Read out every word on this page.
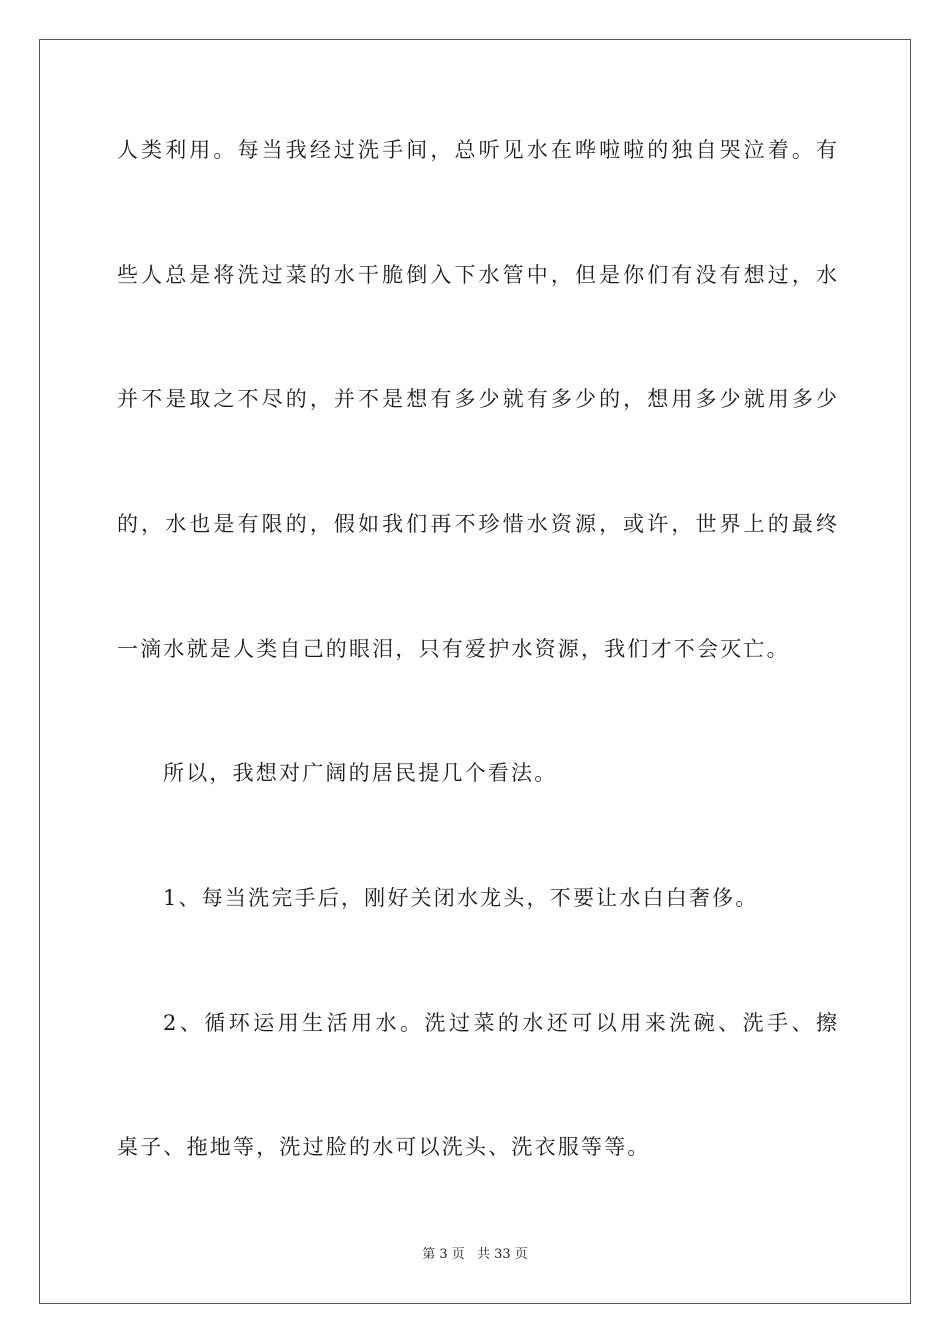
人类利用。每当我经过洗手间，总听见水在哗啦啦的独自哭泣着。有
些人总是将洗过菜的水干脆倒入下水管中，但是你们有没有想过，水
并不是取之不尽的，并不是想有多少就有多少的，想用多少就用多少
的，水也是有限的，假如我们再不珍惜水资源，或许，世界上的最终
一滴水就是人类自己的眼泪，只有爱护水资源，我们才不会灭亡。
所以，我想对广阔的居民提几个看法。
1、每当洗完手后，刚好关闭水龙头，不要让水白白奢侈。
2、循环运用生活用水。洗过菜的水还可以用来洗碗、洗手、擦
桌子、拖地等，洗过脸的水可以洗头、洗衣服等等。
第 3 页 共 33 页
